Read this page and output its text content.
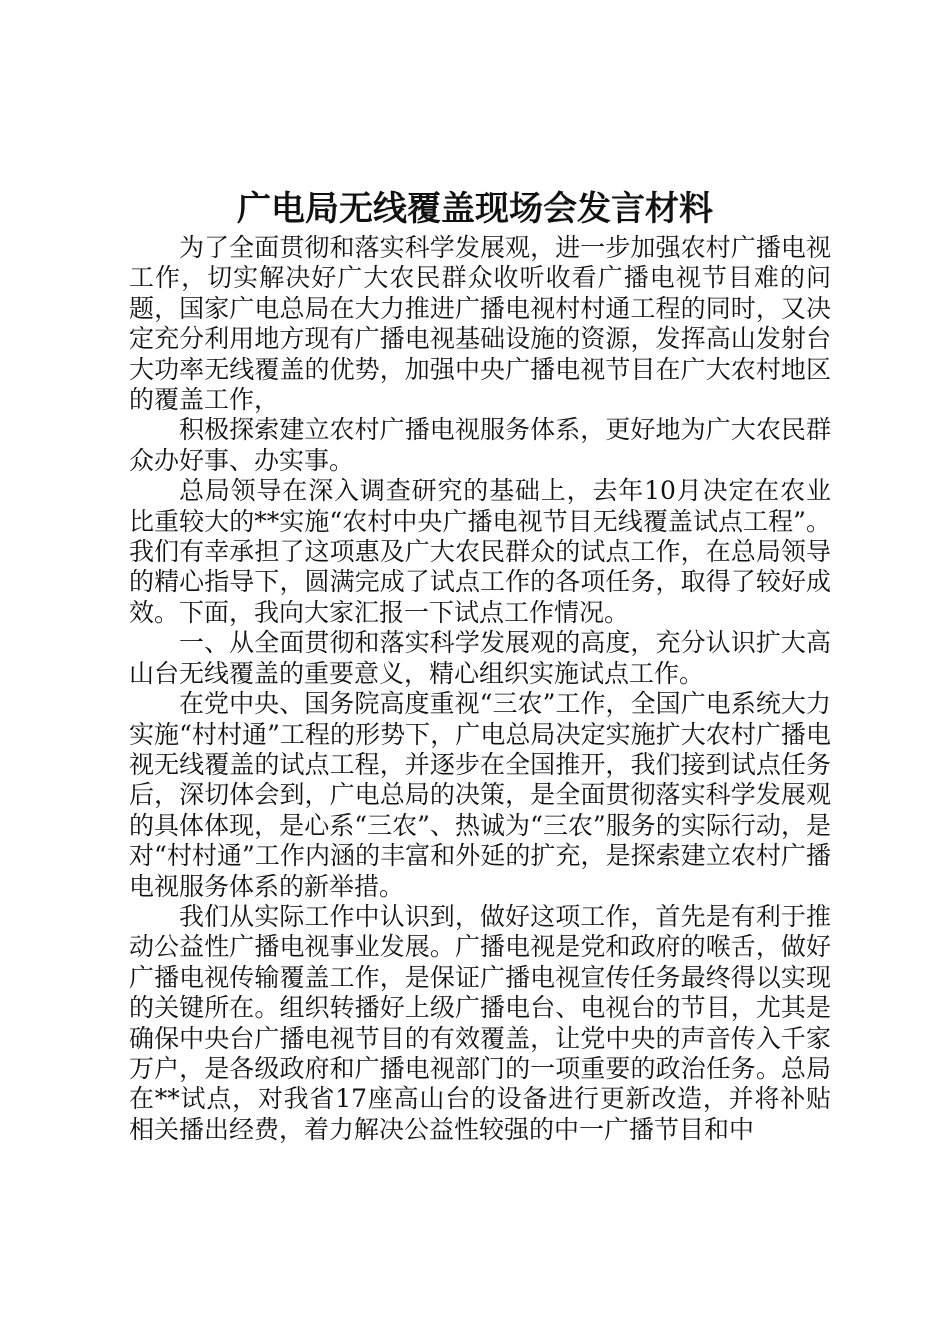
广电局无线覆盖现场会发言材料

为了全面贯彻和落实科学发展观，进一步加强农村广播电视工作，切实解决好广大农民群众收听收看广播电视节目难的问题，国家广电总局在大力推进广播电视村村通工程的同时，又决定充分利用地方现有广播电视基础设施的资源，发挥高山发射台大功率无线覆盖的优势，加强中央广播电视节目在广大农村地区的覆盖工作，

积极探索建立农村广播电视服务体系，更好地为广大农民群众办好事、办实事。

总局领导在深入调查研究的基础上，去年10月决定在农业比重较大的**实施“农村中央广播电视节目无线覆盖试点工程”。我们有幸承担了这项惠及广大农民群众的试点工作，在总局领导的精心指导下，圆满完成了试点工作的各项任务，取得了较好成效。下面，我向大家汇报一下试点工作情况。

一、从全面贯彻和落实科学发展观的高度，充分认识扩大高山台无线覆盖的重要意义，精心组织实施试点工作。

在党中央、国务院高度重视“三农”工作，全国广电系统大力实施“村村通”工程的形势下，广电总局决定实施扩大农村广播电视无线覆盖的试点工程，并逐步在全国推开，我们接到试点任务后，深切体会到，广电总局的决策，是全面贯彻落实科学发展观的具体体现，是心系“三农”、热诚为“三农”服务的实际行动，是对“村村通”工作内涵的丰富和外延的扩充，是探索建立农村广播电视服务体系的新举措。

我们从实际工作中认识到，做好这项工作，首先是有利于推动公益性广播电视事业发展。广播电视是党和政府的喉舌，做好广播电视传输覆盖工作，是保证广播电视宣传任务最终得以实现的关键所在。组织转播好上级广播电台、电视台的节目，尤其是确保中央台广播电视节目的有效覆盖，让党中央的声音传入千家万户，是各级政府和广播电视部门的一项重要的政治任务。总局在**试点，对我省17座高山台的设备进行更新改造，并将补贴相关播出经费，着力解决公益性较强的中一广播节目和中
